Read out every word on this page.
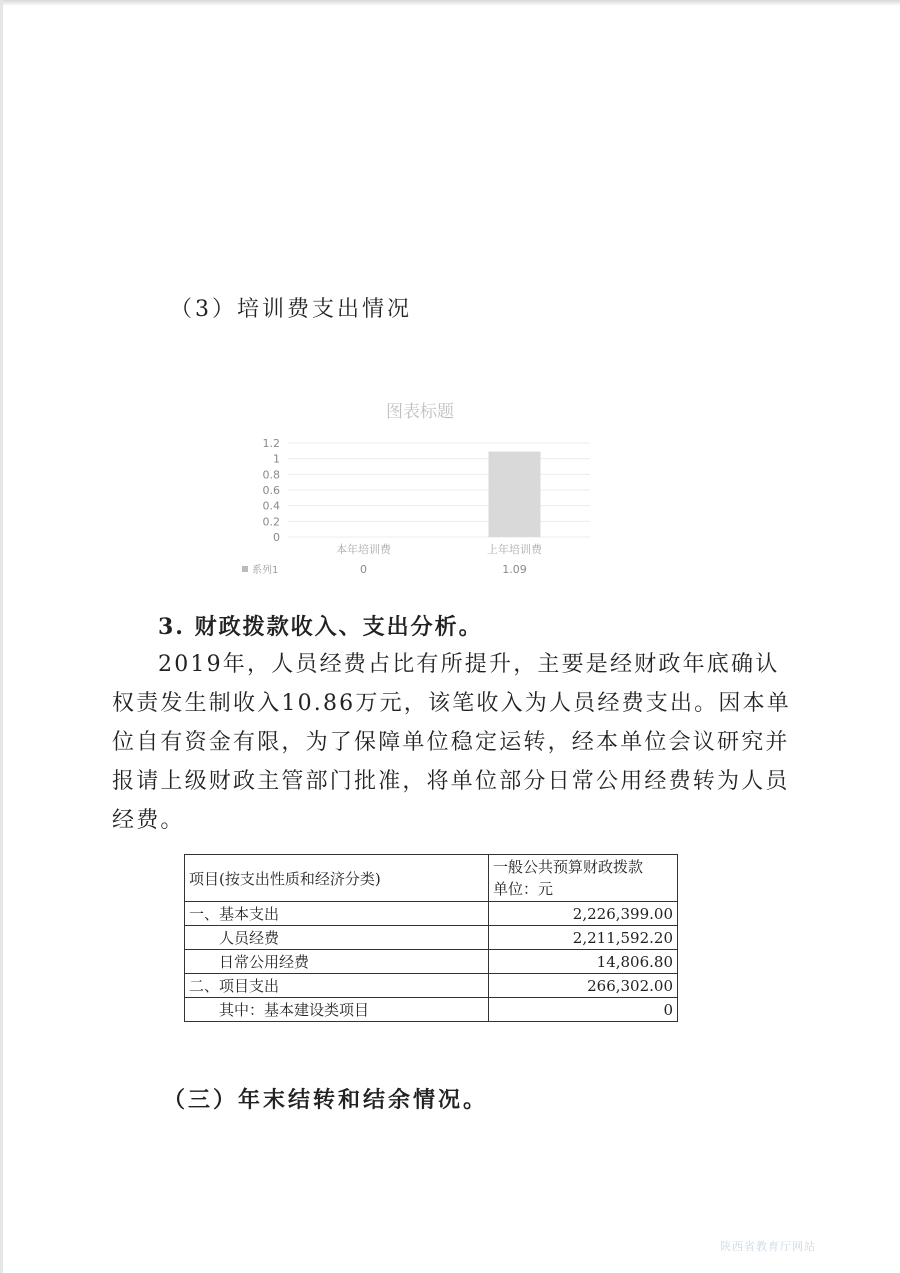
（3）培训费支出情况
图表标题
1.2
1
0.8
0.6
0.4
0.2
0
本年培训费	上年培训费
系列1	0	1.09
3. 财政拨款收入、支出分析。
2019年，人员经费占比有所提升，主要是经财政年底确认权责发生制收入10.86万元，该笔收入为人员经费支出。因本单位自有资金有限，为了保障单位稳定运转，经本单位会议研究并报请上级财政主管部门批准，将单位部分日常公用经费转为人员经费。
项目(按支出性质和经济分类)	一般公共预算财政拨款
单位：元

一、基本支出	2,226,399.00
人员经费	2,211,592.20
日常公用经费	14,806.80
二、项目支出	266,302.00
其中：基本建设类项目	0
（三）年末结转和结余情况。
陕西省教育厅网站
